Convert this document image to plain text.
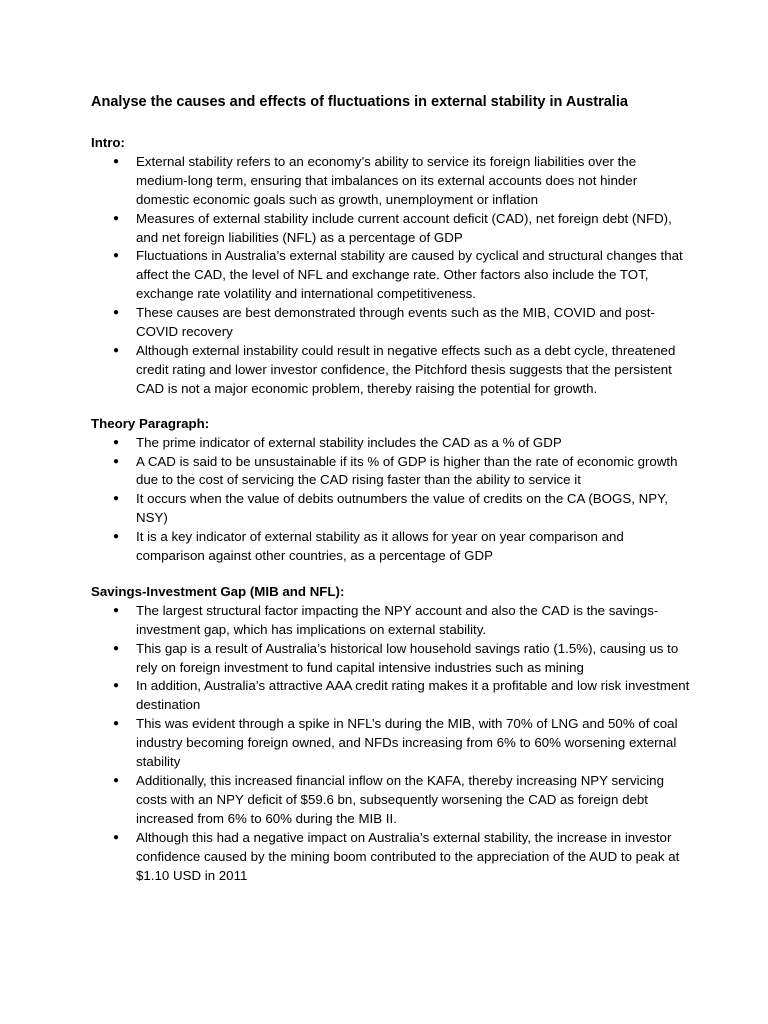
Analyse the causes and effects of fluctuations in external stability in Australia
Intro:
● External stability refers to an economy’s ability to service its foreign liabilities over the medium-long term, ensuring that imbalances on its external accounts does not hinder domestic economic goals such as growth, unemployment or inflation
● Measures of external stability include current account deficit (CAD), net foreign debt (NFD), and net foreign liabilities (NFL) as a percentage of GDP
● Fluctuations in Australia’s external stability are caused by cyclical and structural changes that affect the CAD, the level of NFL and exchange rate. Other factors also include the TOT, exchange rate volatility and international competitiveness.
● These causes are best demonstrated through events such as the MIB, COVID and post-COVID recovery
● Although external instability could result in negative effects such as a debt cycle, threatened credit rating and lower investor confidence, the Pitchford thesis suggests that the persistent CAD is not a major economic problem, thereby raising the potential for growth.
Theory Paragraph:
● The prime indicator of external stability includes the CAD as a % of GDP
● A CAD is said to be unsustainable if its % of GDP is higher than the rate of economic growth due to the cost of servicing the CAD rising faster than the ability to service it
● It occurs when the value of debits outnumbers the value of credits on the CA (BOGS, NPY, NSY)
● It is a key indicator of external stability as it allows for year on year comparison and comparison against other countries, as a percentage of GDP
Savings-Investment Gap (MIB and NFL):
● The largest structural factor impacting the NPY account and also the CAD is the savings-investment gap, which has implications on external stability.
● This gap is a result of Australia’s historical low household savings ratio (1.5%), causing us to rely on foreign investment to fund capital intensive industries such as mining
● In addition, Australia’s attractive AAA credit rating makes it a profitable and low risk investment destination
● This was evident through a spike in NFL’s during the MIB, with 70% of LNG and 50% of coal industry becoming foreign owned, and NFDs increasing from 6% to 60% worsening external stability
● Additionally, this increased financial inflow on the KAFA, thereby increasing NPY servicing costs with an NPY deficit of $59.6 bn, subsequently worsening the CAD as foreign debt increased from 6% to 60% during the MIB II.
● Although this had a negative impact on Australia’s external stability, the increase in investor confidence caused by the mining boom contributed to the appreciation of the AUD to peak at $1.10 USD in 2011
